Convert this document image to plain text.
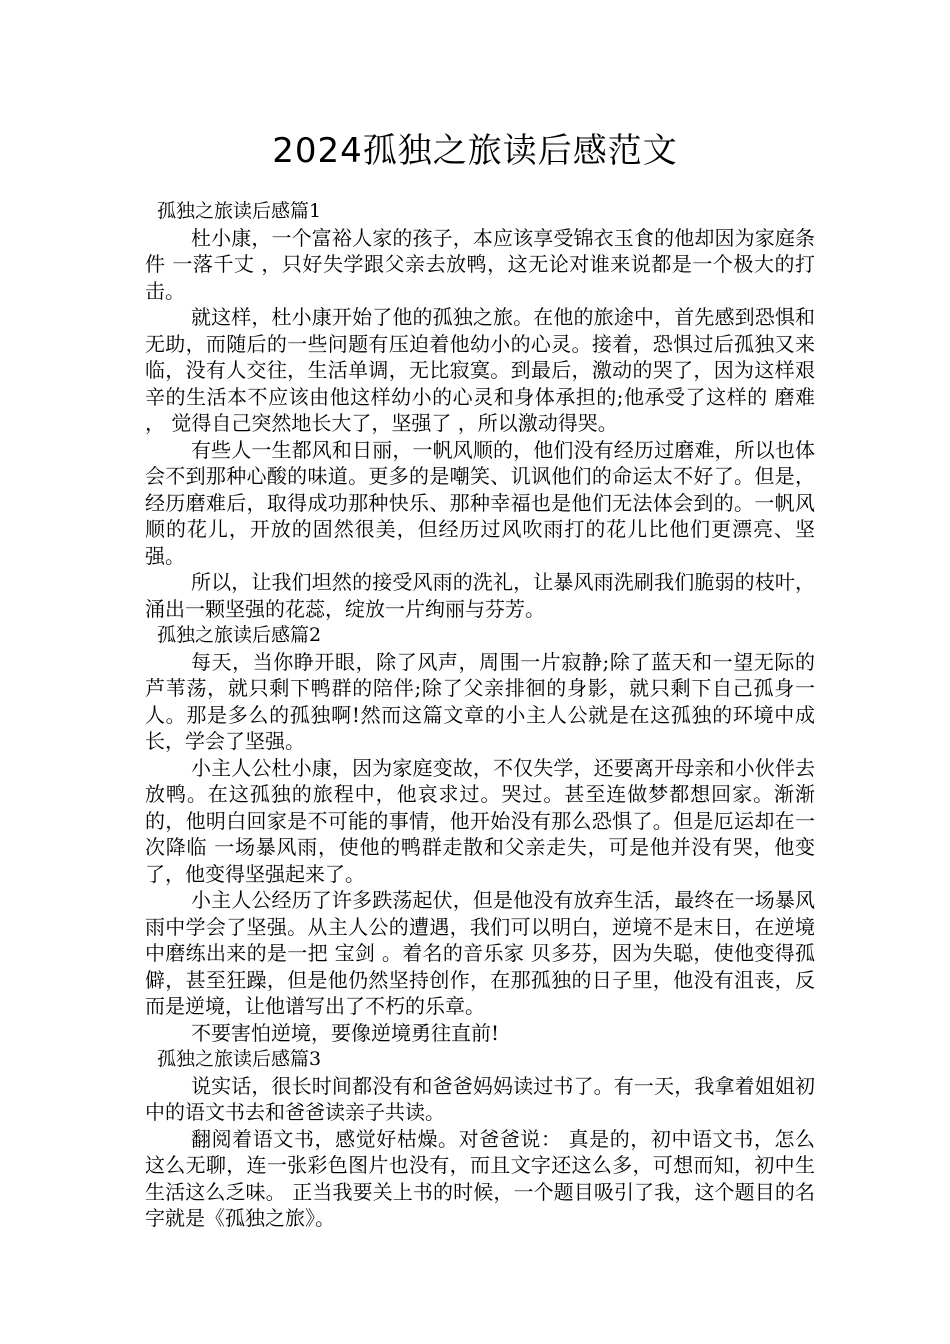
2024孤独之旅读后感范文

孤独之旅读后感篇1

杜小康，一个富裕人家的孩子，本应该享受锦衣玉食的他却因为家庭条件 一落千丈 ，只好失学跟父亲去放鸭，这无论对谁来说都是一个极大的打击。

就这样，杜小康开始了他的孤独之旅。在他的旅途中，首先感到恐惧和无助，而随后的一些问题有压迫着他幼小的心灵。接着，恐惧过后孤独又来临，没有人交往，生活单调，无比寂寞。到最后，激动的哭了，因为这样艰辛的生活本不应该由他这样幼小的心灵和身体承担的;他承受了这样的 磨难 ， 觉得自己突然地长大了，坚强了 ，所以激动得哭。

有些人一生都风和日丽，一帆风顺的，他们没有经历过磨难，所以也体会不到那种心酸的味道。更多的是嘲笑、讥讽他们的命运太不好了。但是，经历磨难后，取得成功那种快乐、那种幸福也是他们无法体会到的。一帆风顺的花儿，开放的固然很美，但经历过风吹雨打的花儿比他们更漂亮、坚强。

所以，让我们坦然的接受风雨的洗礼，让暴风雨洗刷我们脆弱的枝叶，涌出一颗坚强的花蕊，绽放一片绚丽与芬芳。

孤独之旅读后感篇2

每天，当你睁开眼，除了风声，周围一片寂静;除了蓝天和一望无际的芦苇荡，就只剩下鸭群的陪伴;除了父亲排徊的身影，就只剩下自己孤身一人。那是多么的孤独啊!然而这篇文章的小主人公就是在这孤独的环境中成长，学会了坚强。

小主人公杜小康，因为家庭变故，不仅失学，还要离开母亲和小伙伴去放鸭。在这孤独的旅程中，他哀求过。哭过。甚至连做梦都想回家。渐渐的，他明白回家是不可能的事情，他开始没有那么恐惧了。但是厄运却在一次降临 一场暴风雨，使他的鸭群走散和父亲走失，可是他并没有哭，他变了，他变得坚强起来了。

小主人公经历了许多跌荡起伏，但是他没有放弃生活，最终在一场暴风雨中学会了坚强。从主人公的遭遇，我们可以明白，逆境不是末日，在逆境中磨练出来的是一把 宝剑 。着名的音乐家 贝多芬，因为失聪，使他变得孤僻，甚至狂躁，但是他仍然坚持创作，在那孤独的日子里，他没有沮丧，反而是逆境，让他谱写出了不朽的乐章。

不要害怕逆境，要像逆境勇往直前!

孤独之旅读后感篇3

说实话，很长时间都没有和爸爸妈妈读过书了。有一天，我拿着姐姐初中的语文书去和爸爸读亲子共读。

翻阅着语文书，感觉好枯燥。对爸爸说： 真是的，初中语文书，怎么这么无聊，连一张彩色图片也没有，而且文字还这么多，可想而知，初中生生活这么乏味。 正当我要关上书的时候，一个题目吸引了我，这个题目的名字就是《孤独之旅》。
